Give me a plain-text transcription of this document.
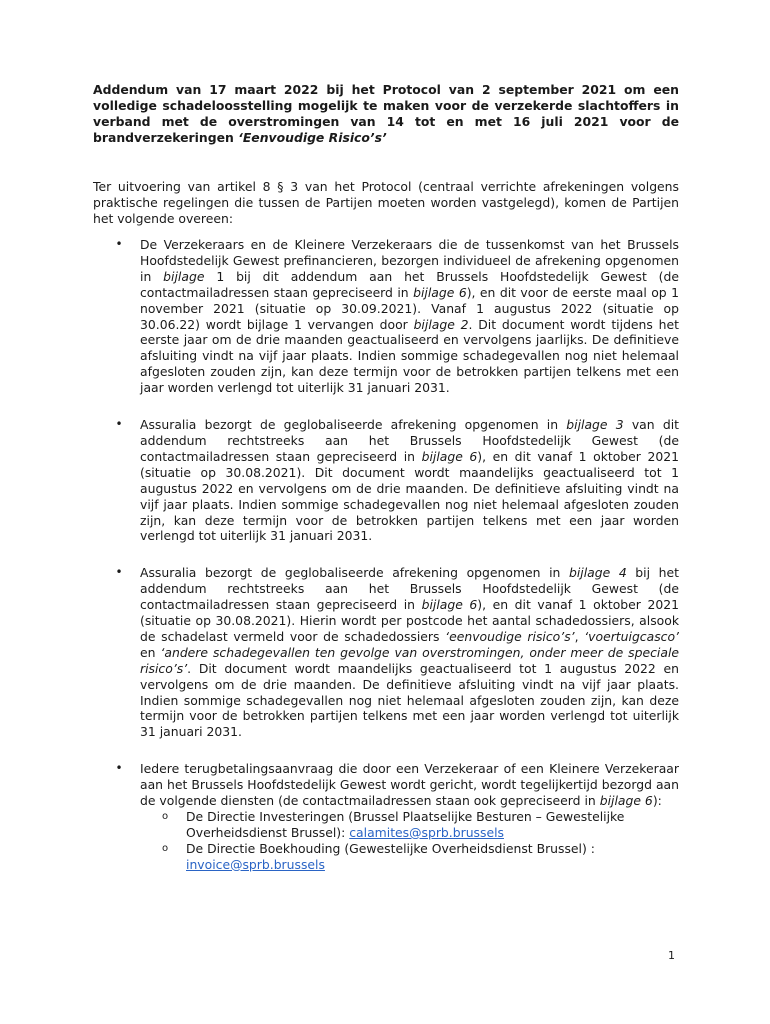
Addendum van 17 maart 2022 bij het Protocol van 2 september 2021 om een volledige schadeloosstelling mogelijk te maken voor de verzekerde slachtoffers in verband met de overstromingen van 14 tot en met 16 juli 2021 voor de brandverzekeringen ‘Eenvoudige Risico’s’

Ter uitvoering van artikel 8 § 3 van het Protocol (centraal verrichte afrekeningen volgens praktische regelingen die tussen de Partijen moeten worden vastgelegd), komen de Partijen het volgende overeen:

• De Verzekeraars en de Kleinere Verzekeraars die de tussenkomst van het Brussels Hoofdstedelijk Gewest prefinancieren, bezorgen individueel de afrekening opgenomen in bijlage 1 bij dit addendum aan het Brussels Hoofdstedelijk Gewest (de contactmailadressen staan gepreciseerd in bijlage 6), en dit voor de eerste maal op 1 november 2021 (situatie op 30.09.2021). Vanaf 1 augustus 2022 (situatie op 30.06.22) wordt bijlage 1 vervangen door bijlage 2. Dit document wordt tijdens het eerste jaar om de drie maanden geactualiseerd en vervolgens jaarlijks. De definitieve afsluiting vindt na vijf jaar plaats. Indien sommige schadegevallen nog niet helemaal afgesloten zouden zijn, kan deze termijn voor de betrokken partijen telkens met een jaar worden verlengd tot uiterlijk 31 januari 2031.
• Assuralia bezorgt de geglobaliseerde afrekening opgenomen in bijlage 3 van dit addendum rechtstreeks aan het Brussels Hoofdstedelijk Gewest (de contactmailadressen staan gepreciseerd in bijlage 6), en dit vanaf 1 oktober 2021 (situatie op 30.08.2021). Dit document wordt maandelijks geactualiseerd tot 1 augustus 2022 en vervolgens om de drie maanden. De definitieve afsluiting vindt na vijf jaar plaats. Indien sommige schadegevallen nog niet helemaal afgesloten zouden zijn, kan deze termijn voor de betrokken partijen telkens met een jaar worden verlengd tot uiterlijk 31 januari 2031.
• Assuralia bezorgt de geglobaliseerde afrekening opgenomen in bijlage 4 bij het addendum rechtstreeks aan het Brussels Hoofdstedelijk Gewest (de contactmailadressen staan gepreciseerd in bijlage 6), en dit vanaf 1 oktober 2021 (situatie op 30.08.2021). Hierin wordt per postcode het aantal schadedossiers, alsook de schadelast vermeld voor de schadedossiers ‘eenvoudige risico’s’, ‘voertuigcasco’ en ‘andere schadegevallen ten gevolge van overstromingen, onder meer de speciale risico’s’. Dit document wordt maandelijks geactualiseerd tot 1 augustus 2022 en vervolgens om de drie maanden. De definitieve afsluiting vindt na vijf jaar plaats. Indien sommige schadegevallen nog niet helemaal afgesloten zouden zijn, kan deze termijn voor de betrokken partijen telkens met een jaar worden verlengd tot uiterlijk 31 januari 2031.
• Iedere terugbetalingsaanvraag die door een Verzekeraar of een Kleinere Verzekeraar aan het Brussels Hoofdstedelijk Gewest wordt gericht, wordt tegelijkertijd bezorgd aan de volgende diensten (de contactmailadressen staan ook gepreciseerd in bijlage 6):
o De Directie Investeringen (Brussel Plaatselijke Besturen – Gewestelijke Overheidsdienst Brussel): calamites@sprb.brussels
o De Directie Boekhouding (Gewestelijke Overheidsdienst Brussel) : invoice@sprb.brussels

1
